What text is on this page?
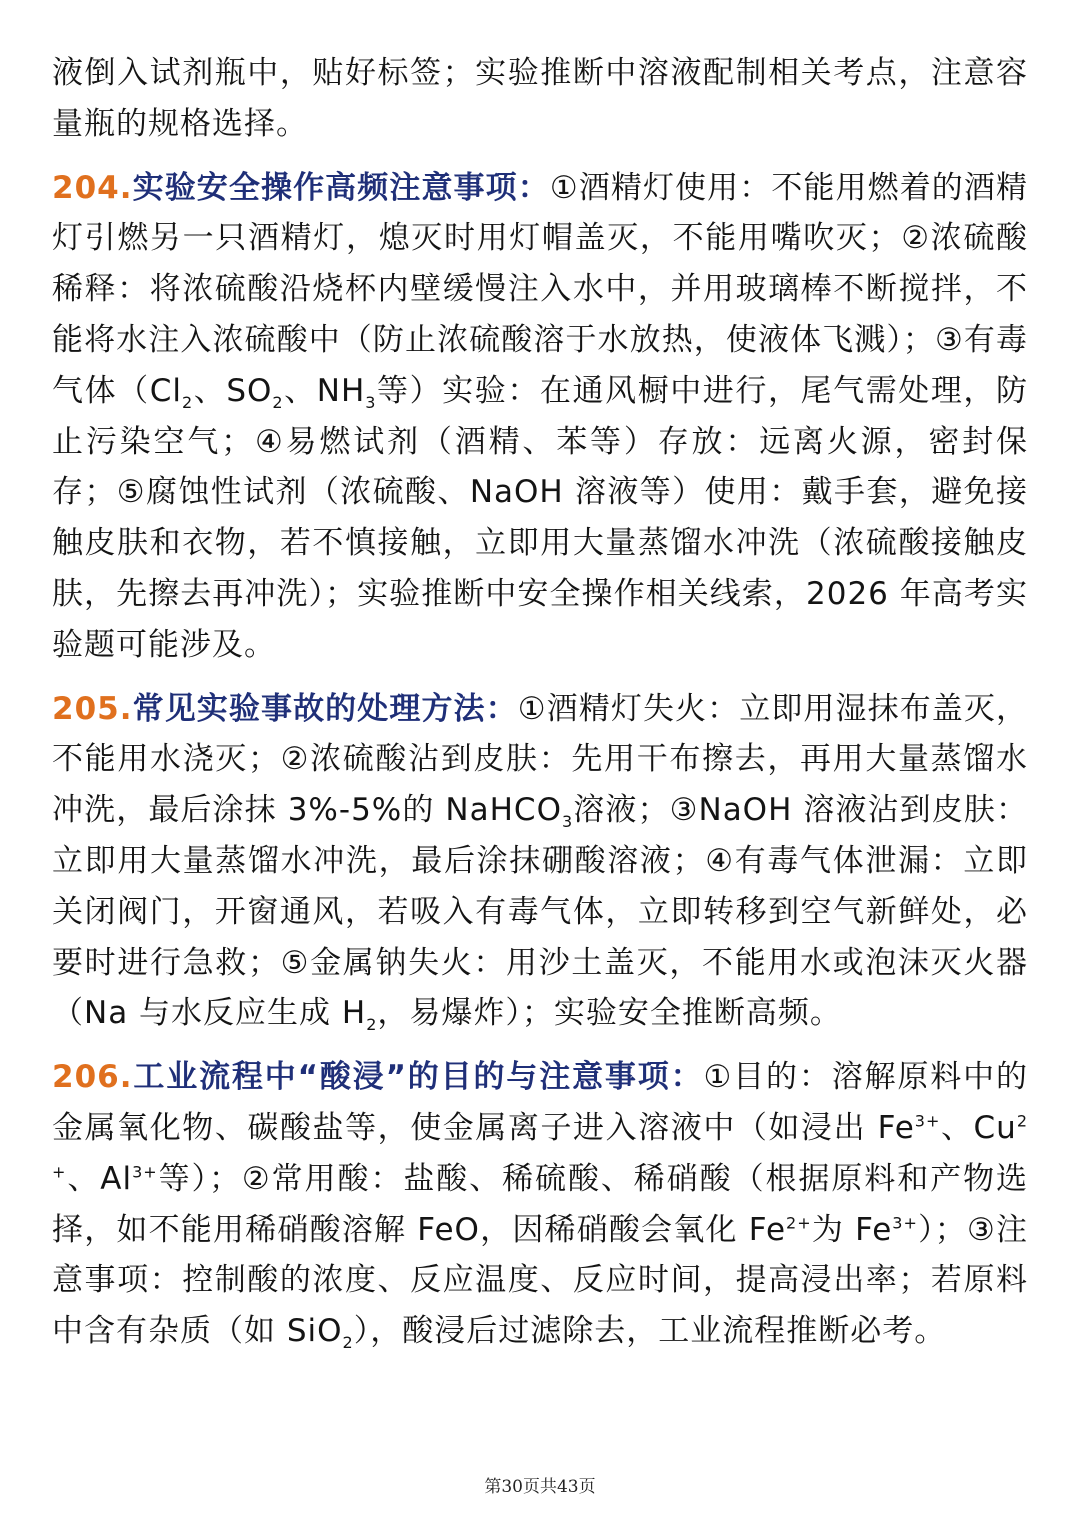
液倒入试剂瓶中，贴好标签；实验推断中溶液配制相关考点，注意容量瓶的规格选择。

204.实验安全操作高频注意事项：①酒精灯使用：不能用燃着的酒精灯引燃另一只酒精灯，熄灭时用灯帽盖灭，不能用嘴吹灭；②浓硫酸稀释：将浓硫酸沿烧杯内壁缓慢注入水中，并用玻璃棒不断搅拌，不能将水注入浓硫酸中（防止浓硫酸溶于水放热，使液体飞溅）；③有毒气体（$Cl_2$、$SO_2$、$NH_3$等）实验：在通风橱中进行，尾气需处理，防止污染空气；④易燃试剂（酒精、苯等）存放：远离火源，密封保存；⑤腐蚀性试剂（浓硫酸、NaOH 溶液等）使用：戴手套，避免接触皮肤和衣物，若不慎接触，立即用大量蒸馏水冲洗（浓硫酸接触皮肤，先擦去再冲洗）；实验推断中安全操作相关线索，2026 年高考实验题可能涉及。

205.常见实验事故的处理方法：①酒精灯失火：立即用湿抹布盖灭，不能用水浇灭；②浓硫酸沾到皮肤：先用干布擦去，再用大量蒸馏水冲洗，最后涂抹 3%-5%的 NaHCO$_3$溶液；③NaOH 溶液沾到皮肤：立即用大量蒸馏水冲洗，最后涂抹硼酸溶液；④有毒气体泄漏：立即关闭阀门，开窗通风，若吸入有毒气体，立即转移到空气新鲜处，必要时进行急救；⑤金属钠失火：用沙土盖灭，不能用水或泡沫灭火器（Na 与水反应生成 $H_2$，易爆炸）；实验安全推断高频。

206.工业流程中“酸浸”的目的与注意事项：①目的：溶解原料中的金属氧化物、碳酸盐等，使金属离子进入溶液中（如浸出 $Fe^{3+}$、$Cu^{2+}$、$Al^{3+}$等）；②常用酸：盐酸、稀硫酸、稀硝酸（根据原料和产物选择，如不能用稀硝酸溶解 FeO，因稀硝酸会氧化 $Fe^{2+}$为 $Fe^{3+}$）；③注意事项：控制酸的浓度、反应温度、反应时间，提高浸出率；若原料中含有杂质（如 SiO$_2$），酸浸后过滤除去，工业流程推断必考。

第30页共43页
